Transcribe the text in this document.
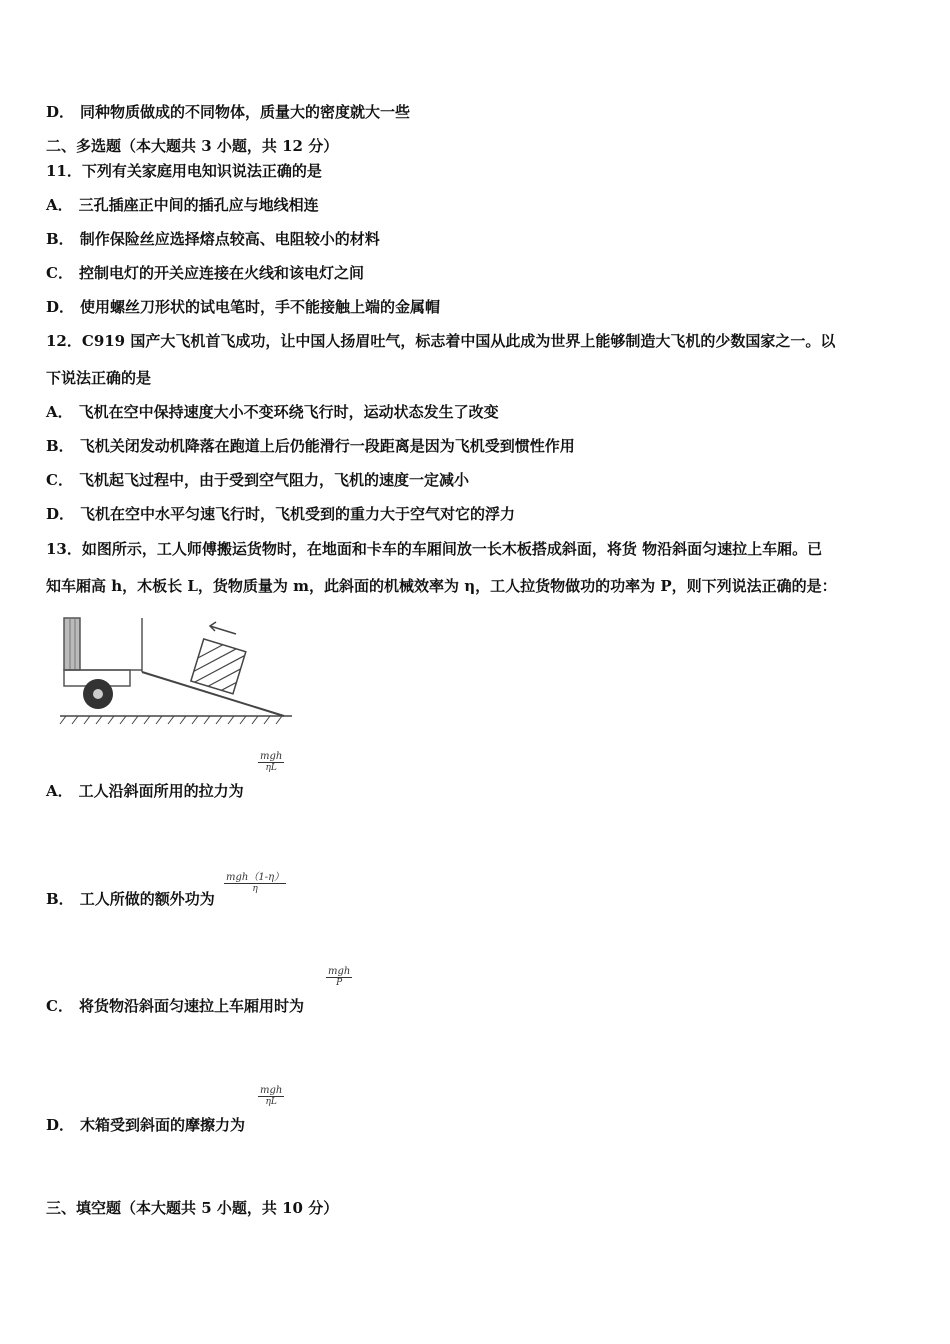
D． 同种物质做成的不同物体，质量大的密度就大一些
二、多选题（本大题共 3 小题，共 12 分）
11．下列有关家庭用电知识说法正确的是
A． 三孔插座正中间的插孔应与地线相连
B． 制作保险丝应选择熔点较高、电阻较小的材料
C． 控制电灯的开关应连接在火线和该电灯之间
D． 使用螺丝刀形状的试电笔时，手不能接触上端的金属帽
12．C919 国产大飞机首飞成功，让中国人扬眉吐气，标志着中国从此成为世界上能够制造大飞机的少数国家之一。以
下说法正确的是
A． 飞机在空中保持速度大小不变环绕飞行时，运动状态发生了改变
B． 飞机关闭发动机降落在跑道上后仍能滑行一段距离是因为飞机受到惯性作用
C． 飞机起飞过程中，由于受到空气阻力，飞机的速度一定减小
D． 飞机在空中水平匀速飞行时，飞机受到的重力大于空气对它的浮力
13．如图所示，工人师傅搬运货物时，在地面和卡车的车厢间放一长木板搭成斜面，将货 物沿斜面匀速拉上车厢。已
知车厢高 h，木板长 L，货物质量为 m，此斜面的机械效率为 η，工人拉货物做功的功率为 P，则下列说法正确的是：
mgh
ηL
A． 工人沿斜面所用的拉力为
mgh（1-η）
η
B． 工人所做的额外功为
mgh
P
C． 将货物沿斜面匀速拉上车厢用时为
mgh
ηL
D． 木箱受到斜面的摩擦力为
三、填空题（本大题共 5 小题，共 10 分）
